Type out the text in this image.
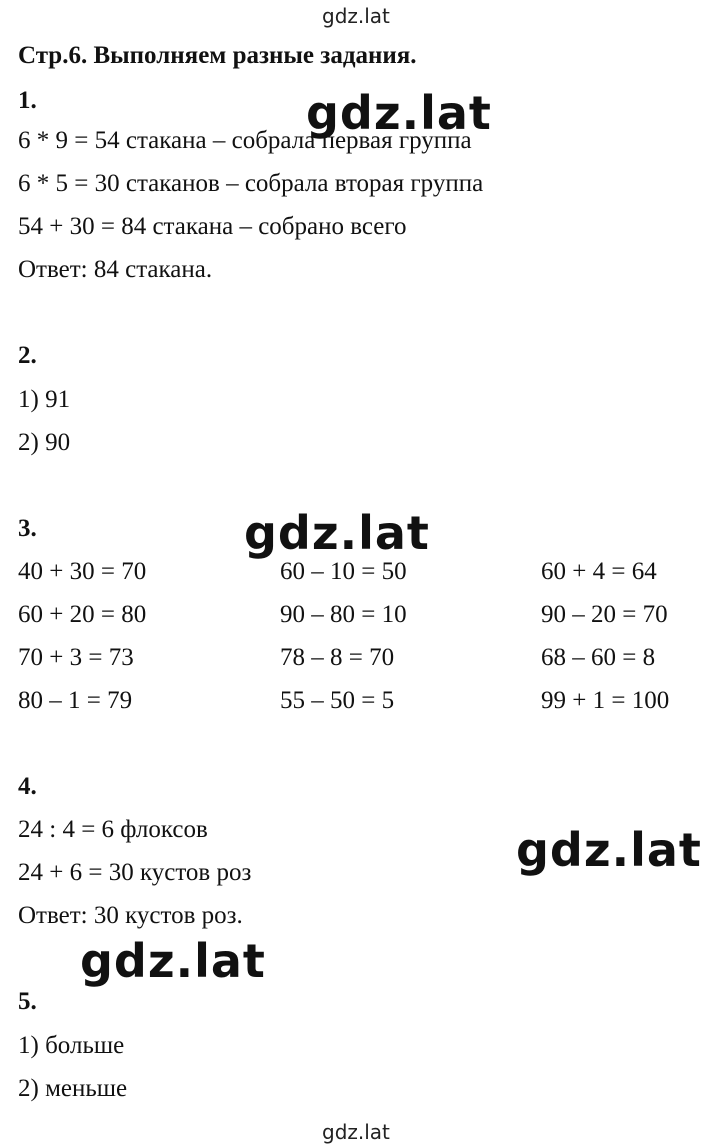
gdz.lat
gdz.lat
gdz.lat
gdz.lat
gdz.lat
gdz.lat
Стр.6. Выполняем разные задания.
1.
6 * 9 = 54 стакана – собрала первая группа
6 * 5 = 30 стаканов – собрала вторая группа
54 + 30 = 84 стакана – собрано всего
Ответ: 84 стакана.
2.
1) 91
2) 90
3.
40 + 30 = 70
60 + 20 = 80
70 + 3 = 73
80 – 1 = 79
60 – 10 = 50
90 – 80 = 10
78 – 8 = 70
55 – 50 = 5
60 + 4 = 64
90 – 20 = 70
68 – 60 = 8
99 + 1 = 100
4.
24 : 4 = 6 флоксов
24 + 6 = 30 кустов роз
Ответ: 30 кустов роз.
5.
1) больше
2) меньше
